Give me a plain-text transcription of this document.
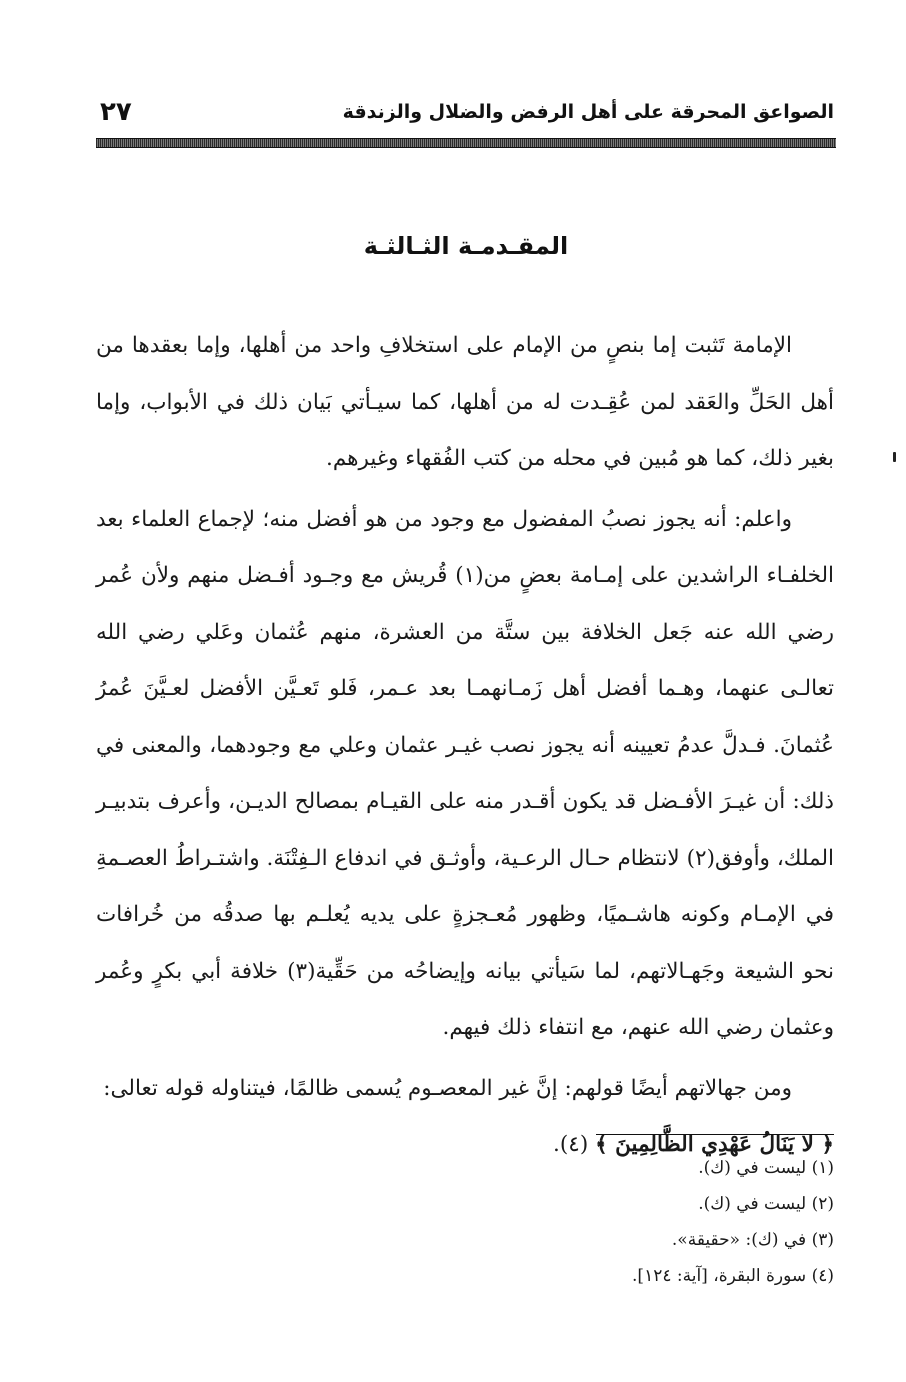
الصواعق المحرقة على أهل الرفض والضلال والزندقة
٢٧
المقـدمـة الثـالثـة

الإمامة تَثبت إما بنصٍ من الإمام على استخلافِ واحد من أهلها، وإما بعقدها من أهل الحَلِّ والعَقد لمن عُقِـدت له من أهلها، كما سيـأتي بَيان ذلك في الأبواب، وإما بغير ذلك، كما هو مُبين في محله من كتب الفُقهاء وغيرهم.

واعلم: أنه يجوز نصبُ المفضول مع وجود من هو أفضل منه؛ لإجماع العلماء بعد الخلفـاء الراشدين على إمـامة بعضٍ من(١) قُريش مع وجـود أفـضل منهم ولأن عُمر رضي الله عنه جَعل الخلافة بين ستَّة من العشرة، منهم عُثمان وعَلي رضي الله تعالـى عنهما، وهـما أفضل أهل زَمـانهمـا بعد عـمر، فَلو تَعـيَّن الأفضل لعـيَّنَ عُمرُ عُثمانَ. فـدلَّ عدمُ تعيينه أنه يجوز نصب غيـر عثمان وعلي مع وجودهما، والمعنى في ذلك: أن غيـرَ الأفـضل قد يكون أقـدر منه على القيـام بمصالح الديـن، وأعرف بتدبيـر الملك، وأوفق(٢) لانتظام حـال الرعـية، وأوثـق في اندفاع الـفِتْنَة. واشتـراطُ العصـمةِ في الإمـام وكونه هاشـميًا، وظهور مُعـجزةٍ على يديه يُعلـم بها صدقُه من خُرافات نحو الشيعة وجَهـالاتهم، لما سَيأتي بيانه وإيضاحُه من حَقِّية(٣) خلافة أبي بكرٍ وعُمر وعثمان رضي الله عنهم، مع انتفاء ذلك فيهم.

ومن جهالاتهم أيضًا قولهم: إنَّ غير المعصـوم يُسمى ظالمًا، فيتناوله قوله تعالى:

﴿ لا يَنَالُ عَهْدِي الظَّالِمِينَ ﴾ (٤).

(١) ليست في (ك).

(٢) ليست في (ك).

(٣) في (ك): «حقيقة».

(٤) سورة البقرة، [آية: ١٢٤].
